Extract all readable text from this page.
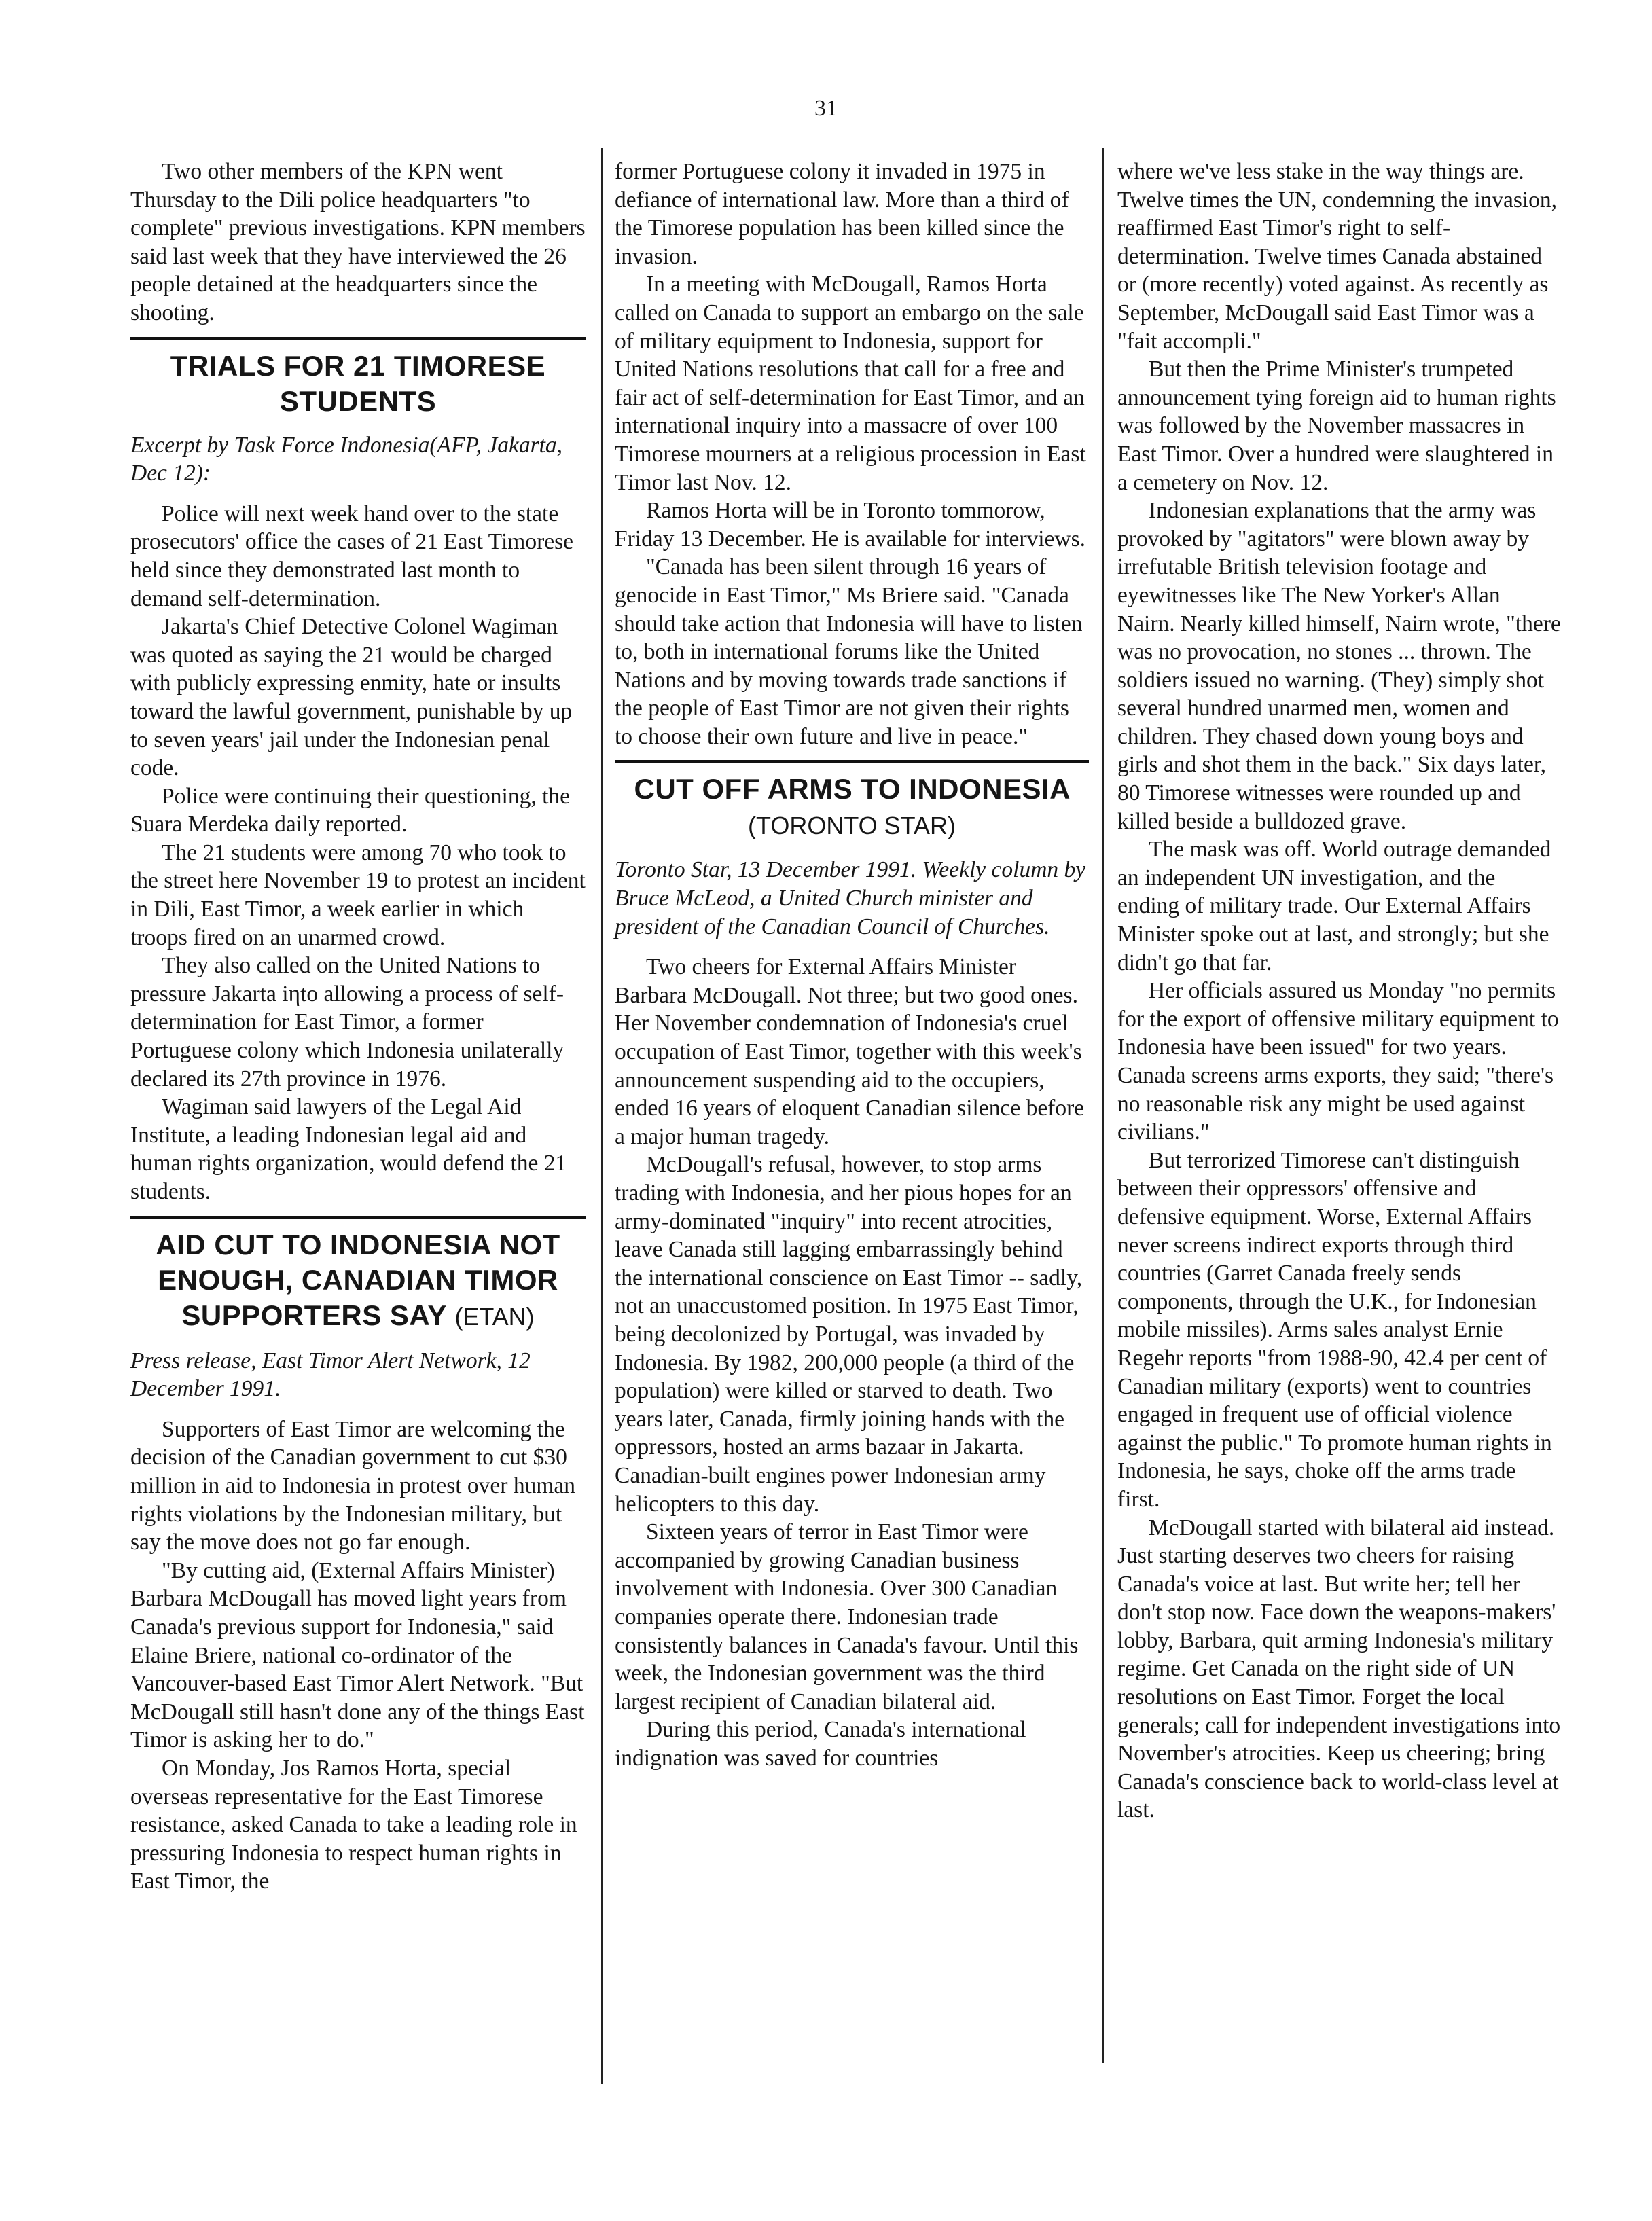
31

Two other members of the KPN went Thursday to the Dili police headquarters "to complete" previous investigations. KPN members said last week that they have interviewed the 26 people detained at the headquarters since the shooting.

TRIALS FOR 21 TIMORESE STUDENTS

Excerpt by Task Force Indonesia(AFP, Jakarta, Dec 12):

Police will next week hand over to the state prosecutors' office the cases of 21 East Timorese held since they demonstrated last month to demand self-determination.

Jakarta's Chief Detective Colonel Wagiman was quoted as saying the 21 would be charged with publicly expressing enmity, hate or insults toward the lawful government, punishable by up to seven years' jail under the Indonesian penal code.

Police were continuing their questioning, the Suara Merdeka daily reported.

The 21 students were among 70 who took to the street here November 19 to protest an incident in Dili, East Timor, a week earlier in which troops fired on an unarmed crowd.

They also called on the United Nations to pressure Jakarta iηto allowing a process of self-determination for East Timor, a former Portuguese colony which Indonesia unilaterally declared its 27th province in 1976.

Wagiman said lawyers of the Legal Aid Institute, a leading Indonesian legal aid and human rights organization, would defend the 21 students.

AID CUT TO INDONESIA NOT ENOUGH, CANADIAN TIMOR SUPPORTERS SAY (ETAN)

Press release, East Timor Alert Network, 12 December 1991.

Supporters of East Timor are welcoming the decision of the Canadian government to cut $30 million in aid to Indonesia in protest over human rights violations by the Indonesian military, but say the move does not go far enough.

"By cutting aid, (External Affairs Minister) Barbara McDougall has moved light years from Canada's previous support for Indonesia," said Elaine Briere, national co-ordinator of the Vancouver-based East Timor Alert Network. "But McDougall still hasn't done any of the things East Timor is asking her to do."

On Monday, Jos Ramos Horta, special overseas representative for the East Timorese resistance, asked Canada to take a leading role in pressuring Indonesia to respect human rights in East Timor, the

former Portuguese colony it invaded in 1975 in defiance of international law. More than a third of the Timorese population has been killed since the invasion.

In a meeting with McDougall, Ramos Horta called on Canada to support an embargo on the sale of military equipment to Indonesia, support for United Nations resolutions that call for a free and fair act of self-determination for East Timor, and an international inquiry into a massacre of over 100 Timorese mourners at a religious procession in East Timor last Nov. 12.

Ramos Horta will be in Toronto tommorow, Friday 13 December. He is available for interviews.

"Canada has been silent through 16 years of genocide in East Timor," Ms Briere said. "Canada should take action that Indonesia will have to listen to, both in international forums like the United Nations and by moving towards trade sanctions if the people of East Timor are not given their rights to choose their own future and live in peace."

CUT OFF ARMS TO INDONESIA (TORONTO STAR)

Toronto Star, 13 December 1991. Weekly column by Bruce McLeod, a United Church minister and president of the Canadian Council of Churches.

Two cheers for External Affairs Minister Barbara McDougall. Not three; but two good ones. Her November condemnation of Indonesia's cruel occupation of East Timor, together with this week's announcement suspending aid to the occupiers, ended 16 years of eloquent Canadian silence before a major human tragedy.

McDougall's refusal, however, to stop arms trading with Indonesia, and her pious hopes for an army-dominated "inquiry" into recent atrocities, leave Canada still lagging embarrassingly behind the international conscience on East Timor -- sadly, not an unaccustomed position. In 1975 East Timor, being decolonized by Portugal, was invaded by Indonesia. By 1982, 200,000 people (a third of the population) were killed or starved to death. Two years later, Canada, firmly joining hands with the oppressors, hosted an arms bazaar in Jakarta. Canadian-built engines power Indonesian army helicopters to this day.

Sixteen years of terror in East Timor were accompanied by growing Canadian business involvement with Indonesia. Over 300 Canadian companies operate there. Indonesian trade consistently balances in Canada's favour. Until this week, the Indonesian government was the third largest recipient of Canadian bilateral aid.

During this period, Canada's international indignation was saved for countries

where we've less stake in the way things are. Twelve times the UN, condemning the invasion, reaffirmed East Timor's right to self- determination. Twelve times Canada abstained or (more recently) voted against. As recently as September, McDougall said East Timor was a "fait accompli."

But then the Prime Minister's trumpeted announcement tying foreign aid to human rights was followed by the November massacres in East Timor. Over a hundred were slaughtered in a cemetery on Nov. 12.

Indonesian explanations that the army was provoked by "agitators" were blown away by irrefutable British television footage and eyewitnesses like The New Yorker's Allan Nairn. Nearly killed himself, Nairn wrote, "there was no provocation, no stones ... thrown. The soldiers issued no warning. (They) simply shot several hundred unarmed men, women and children. They chased down young boys and girls and shot them in the back." Six days later, 80 Timorese witnesses were rounded up and killed beside a bulldozed grave.

The mask was off. World outrage demanded an independent UN investigation, and the ending of military trade. Our External Affairs Minister spoke out at last, and strongly; but she didn't go that far.

Her officials assured us Monday "no permits for the export of offensive military equipment to Indonesia have been issued" for two years. Canada screens arms exports, they said; "there's no reasonable risk any might be used against civilians."

But terrorized Timorese can't distinguish between their oppressors' offensive and defensive equipment. Worse, External Affairs never screens indirect exports through third countries (Garret Canada freely sends components, through the U.K., for Indonesian mobile missiles). Arms sales analyst Ernie Regehr reports "from 1988-90, 42.4 per cent of Canadian military (exports) went to countries engaged in frequent use of official violence against the public." To promote human rights in Indonesia, he says, choke off the arms trade first.

McDougall started with bilateral aid instead. Just starting deserves two cheers for raising Canada's voice at last. But write her; tell her don't stop now. Face down the weapons-makers' lobby, Barbara, quit arming Indonesia's military regime. Get Canada on the right side of UN resolutions on East Timor. Forget the local generals; call for independent investigations into November's atrocities. Keep us cheering; bring Canada's conscience back to world-class level at last.
